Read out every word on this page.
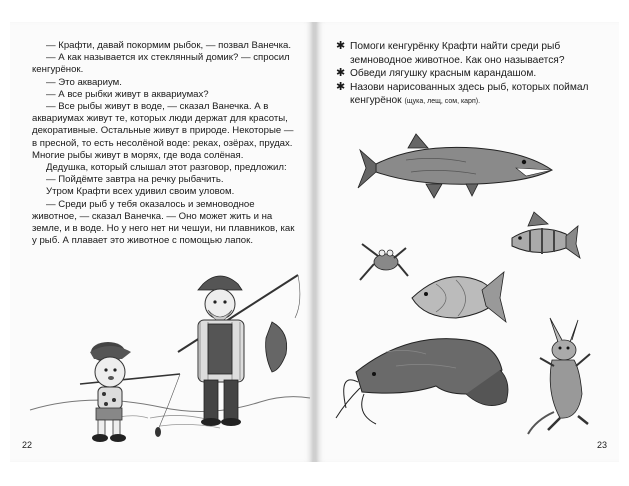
— Крафти, давай покормим рыбок, — позвал Ванечка.

— А как называется их стеклянный домик? — спросил кенгурёнок.

— Это аквариум.

— А все рыбки живут в аквариумах?

— Все рыбы живут в воде, — сказал Ванечка. А в аквариумах живут те, которых люди держат для красоты, декоративные. Остальные живут в природе. Некоторые — в пресной, то есть несолёной воде: реках, озёрах, прудах. Многие рыбы живут в морях, где вода солёная.

Дедушка, который слышал этот разговор, предложил:

— Пойдёмте завтра на речку рыбачить.

Утром Крафти всех удивил своим уловом.

— Среди рыб у тебя оказалось и земноводное животное, — сказал Ванечка. — Оно может жить и на земле, и в воде. Но у него нет ни чешуи, ни плавников, как у рыб. А плавает это животное с помощью лапок.

22

✱ Помоги кенгурёнку Крафти найти среди рыб земноводное животное. Как оно называется?

✱ Обведи лягушку красным карандашом.

✱ Назови нарисованных здесь рыб, которых поймал кенгурёнок (щука, лещ, сом, карп).

23
